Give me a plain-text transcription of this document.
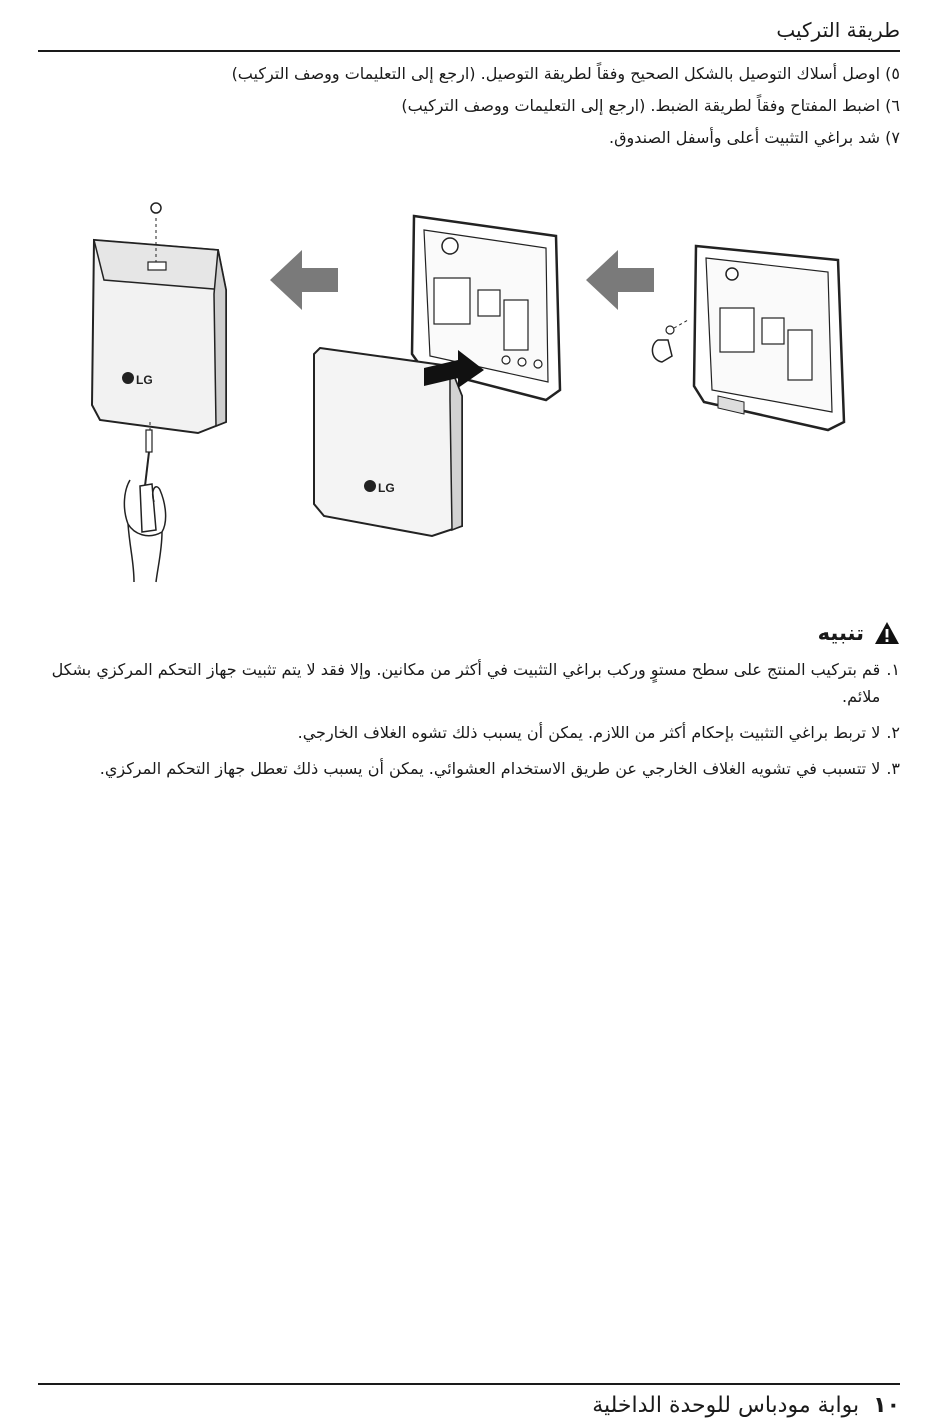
طريقة التركيب
٥) اوصل أسلاك التوصيل بالشكل الصحيح وفقاً لطريقة التوصيل. (ارجع إلى التعليمات ووصف التركيب)
٦) اضبط المفتاح وفقاً لطريقة الضبط. (ارجع إلى التعليمات ووصف التركيب)
٧) شد براغي التثبيت أعلى وأسفل الصندوق.
LG
LG
تنبيه
١.
قم بتركيب المنتج على سطح مستوٍ وركب براغي التثبيت في أكثر من مكانين. وإلا فقد لا يتم تثبيت جهاز التحكم المركزي بشكل ملائم.
٢.
لا تربط براغي التثبيت بإحكام أكثر من اللازم. يمكن أن يسبب ذلك تشوه الغلاف الخارجي.
٣.
لا تتسبب في تشويه الغلاف الخارجي عن طريق الاستخدام العشوائي. يمكن أن يسبب ذلك تعطل جهاز التحكم المركزي.
١٠
بوابة مودباس للوحدة الداخلية
